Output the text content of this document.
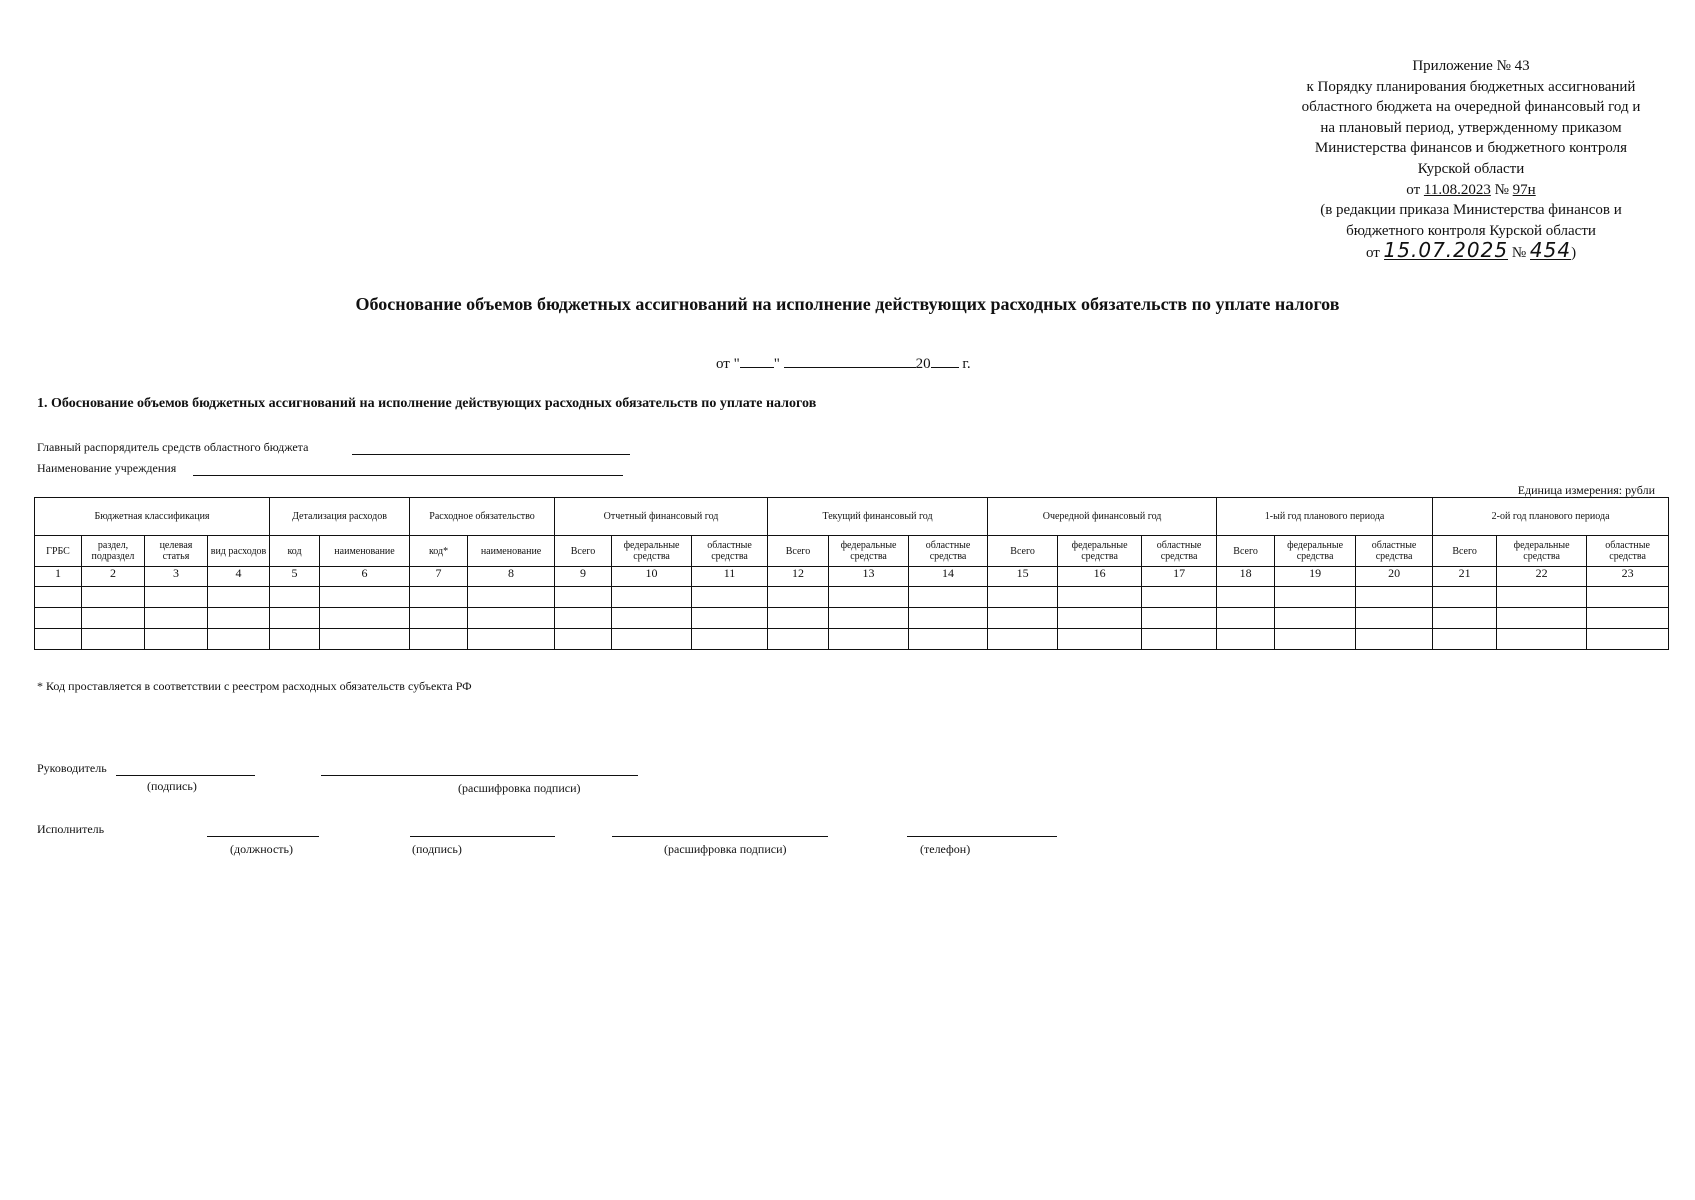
Приложение № 43
к Порядку планирования бюджетных ассигнований
областного бюджета на очередной финансовый год и
на плановый период, утвержденному приказом
Министерства финансов и бюджетного контроля
Курской области
от 11.08.2023 № 97н
(в редакции приказа Министерства финансов и
бюджетного контроля Курской области
от 15.07.2025 № 454)
Обоснование объемов бюджетных ассигнований на исполнение действующих расходных обязательств по уплате налогов
от " "	20 г.
1. Обоснование объемов бюджетных ассигнований на исполнение действующих расходных обязательств по уплате налогов
Главный распорядитель средств областного бюджета
Наименование учреждения
Единица измерения: рубли
Бюджетная классификация				Детализация расходов		Расходное обязательство		Отчетный финансовый год			Текущий финансовый год			Очередной финансовый год			1-ый год планового периода			2-ой год планового периода		
ГРБС	раздел, подраздел	целевая статья	вид расходов	код	наименование	код*	наименование	Всего	федеральные средства	областные средства	Всего	федеральные средства	областные средства	Всего	федеральные средства	областные средства	Всего	федеральные средства	областные средства	Всего	федеральные средства	областные средства
1	2	3	4	5	6	7	8	9	10	11	12	13	14	15	16	17	18	19	20	21	22	23

* Код проставляется в соответствии с реестром расходных обязательств субъекта РФ
Руководитель
(подпись)	(расшифровка подписи)
Исполнитель
(должность)	(подпись)	(расшифровка подписи)	(телефон)
